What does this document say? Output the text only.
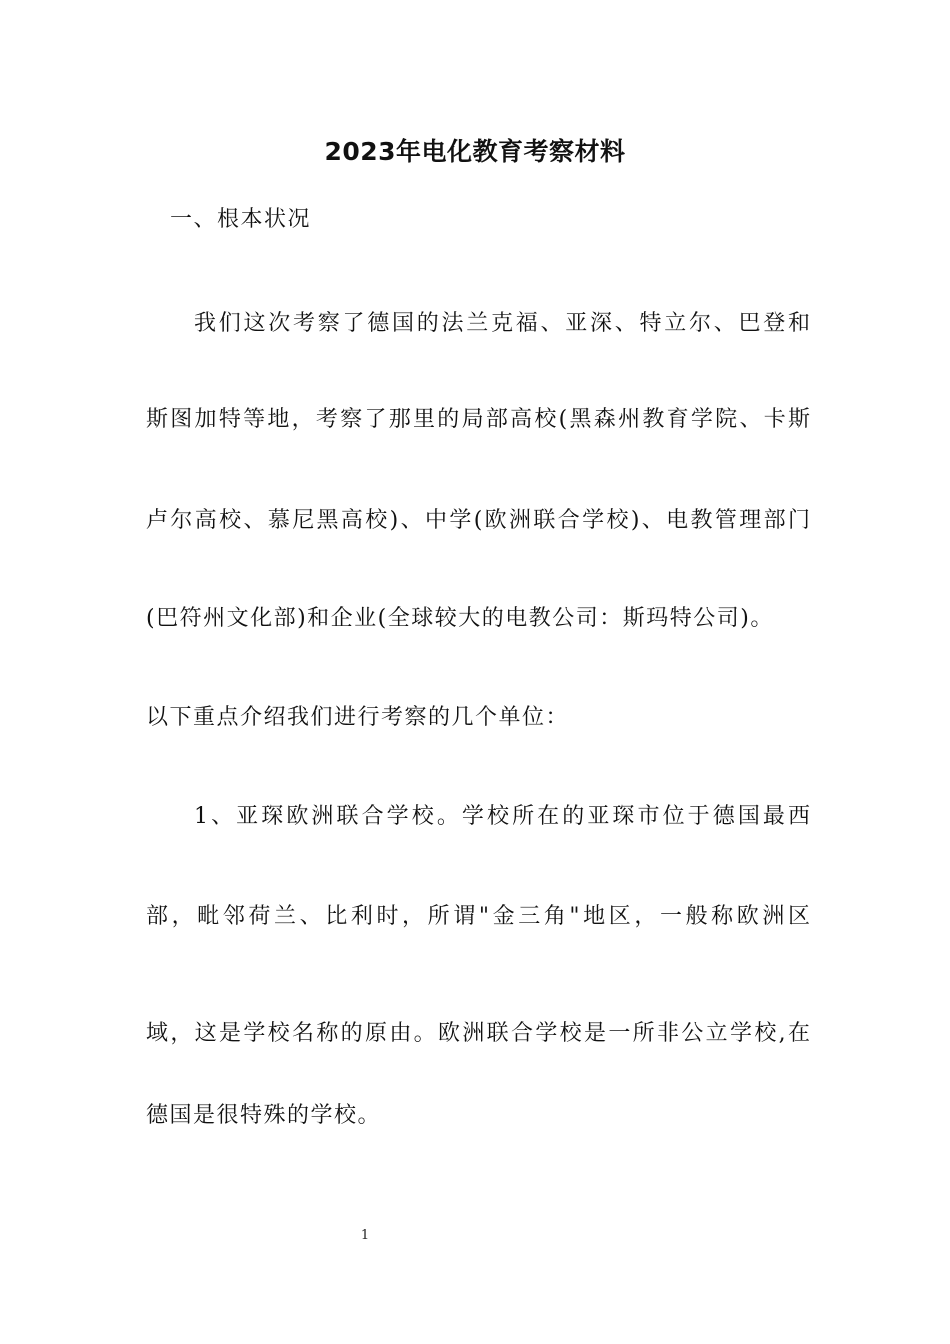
2023年电化教育考察材料
一、根本状况
我们这次考察了德国的法兰克福、亚深、特立尔、巴登和
斯图加特等地，考察了那里的局部高校(黑森州教育学院、卡斯
卢尔高校、慕尼黑高校)、中学(欧洲联合学校)、电教管理部门
(巴符州文化部)和企业(全球较大的电教公司：斯玛特公司)。
以下重点介绍我们进行考察的几个单位：
1、亚琛欧洲联合学校。学校所在的亚琛市位于德国最西
部，毗邻荷兰、比利时，所谓"金三角"地区，一般称欧洲区
域，这是学校名称的原由。欧洲联合学校是一所非公立学校,在
德国是很特殊的学校。
1
